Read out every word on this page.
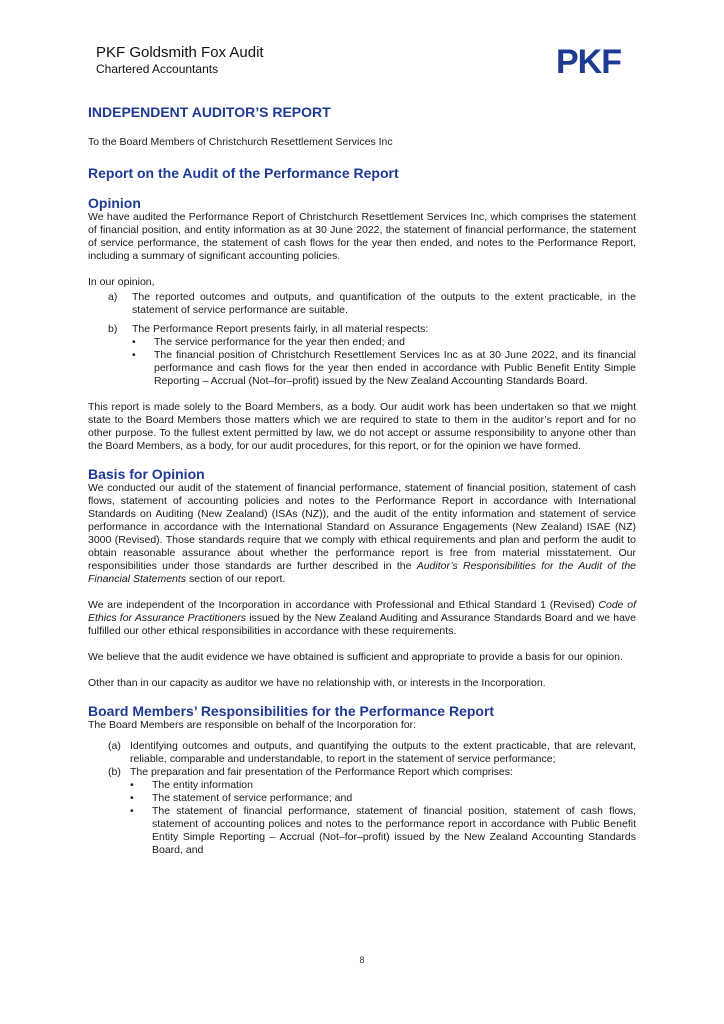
PKF Goldsmith Fox Audit
Chartered Accountants	PKF
INDEPENDENT AUDITOR’S REPORT

To the Board Members of Christchurch Resettlement Services Inc

Report on the Audit of the Performance Report
Opinion

We have audited the Performance Report of Christchurch Resettlement Services Inc, which comprises the statement of financial position, and entity information as at 30 June 2022, the statement of financial performance, the statement of service performance, the statement of cash flows for the year then ended, and notes to the Performance Report, including a summary of significant accounting policies.

In our opinion,

a)	The reported outcomes and outputs, and quantification of the outputs to the extent practicable, in the statement of service performance are suitable.
b)	The Performance Report presents fairly, in all material respects:
•	The service performance for the year then ended; and
•	The financial position of Christchurch Resettlement Services Inc as at 30 June 2022, and its financial performance and cash flows for the year then ended in accordance with Public Benefit Entity Simple Reporting – Accrual (Not–for–profit) issued by the New Zealand Accounting Standards Board.

This report is made solely to the Board Members, as a body. Our audit work has been undertaken so that we might state to the Board Members those matters which we are required to state to them in the auditor’s report and for no other purpose. To the fullest extent permitted by law, we do not accept or assume responsibility to anyone other than the Board Members, as a body, for our audit procedures, for this report, or for the opinion we have formed.

Basis for Opinion

We conducted our audit of the statement of financial performance, statement of financial position, statement of cash flows, statement of accounting policies and notes to the Performance Report in accordance with International Standards on Auditing (New Zealand) (ISAs (NZ)), and the audit of the entity information and statement of service performance in accordance with the International Standard on Assurance Engagements (New Zealand) ISAE (NZ) 3000 (Revised). Those standards require that we comply with ethical requirements and plan and perform the audit to obtain reasonable assurance about whether the performance report is free from material misstatement. Our responsibilities under those standards are further described in the Auditor’s Responsibilities for the Audit of the Financial Statements section of our report.

We are independent of the Incorporation in accordance with Professional and Ethical Standard 1 (Revised) Code of Ethics for Assurance Practitioners issued by the New Zealand Auditing and Assurance Standards Board and we have fulfilled our other ethical responsibilities in accordance with these requirements.

We believe that the audit evidence we have obtained is sufficient and appropriate to provide a basis for our opinion.

Other than in our capacity as auditor we have no relationship with, or interests in the Incorporation.

Board Members’ Responsibilities for the Performance Report

The Board Members are responsible on behalf of the Incorporation for:

(a) Identifying outcomes and outputs, and quantifying the outputs to the extent practicable, that are relevant, reliable, comparable and understandable, to report in the statement of service performance;
(b) The preparation and fair presentation of the Performance Report which comprises:
•	The entity information
•	The statement of service performance; and
•	The statement of financial performance, statement of financial position, statement of cash flows, statement of accounting polices and notes to the performance report in accordance with Public Benefit Entity Simple Reporting – Accrual (Not–for–profit) issued by the New Zealand Accounting Standards Board, and
8
